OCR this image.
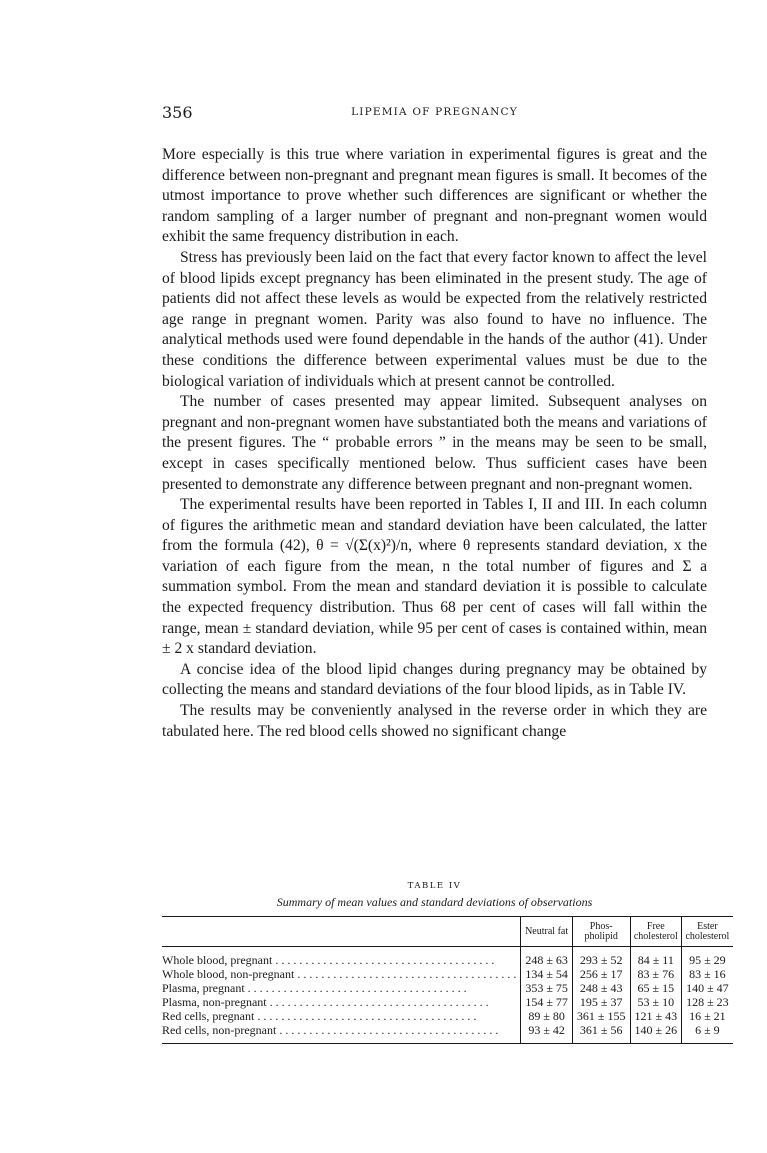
356	LIPEMIA OF PREGNANCY

More especially is this true where variation in experimental figures is great and the difference between non-pregnant and pregnant mean figures is small. It becomes of the utmost importance to prove whether such differences are significant or whether the random sampling of a larger number of pregnant and non-pregnant women would exhibit the same frequency distribution in each.

Stress has previously been laid on the fact that every factor known to affect the level of blood lipids except pregnancy has been eliminated in the present study. The age of patients did not affect these levels as would be expected from the relatively restricted age range in pregnant women. Parity was also found to have no influence. The analytical methods used were found dependable in the hands of the author (41). Under these conditions the difference between experimental values must be due to the biological variation of individuals which at present cannot be controlled.

The number of cases presented may appear limited. Subsequent analyses on pregnant and non-pregnant women have substantiated both the means and variations of the present figures. The “ probable errors ” in the means may be seen to be small, except in cases specifically mentioned below. Thus sufficient cases have been presented to demonstrate any difference between pregnant and non-pregnant women.

The experimental results have been reported in Tables I, II and III. In each column of figures the arithmetic mean and standard deviation have been calculated, the latter from the formula (42), θ = √(Σ(x)²)/n, where θ represents standard deviation, x the variation of each figure from the mean, n the total number of figures and Σ a summation symbol. From the mean and standard deviation it is possible to calculate the expected frequency distribution. Thus 68 per cent of cases will fall within the range, mean ± standard deviation, while 95 per cent of cases is contained within, mean ± 2 x standard deviation.

A concise idea of the blood lipid changes during pregnancy may be obtained by collecting the means and standard deviations of the four blood lipids, as in Table IV.

The results may be conveniently analysed in the reverse order in which they are tabulated here. The red blood cells showed no significant change

TABLE IV
Summary of mean values and standard deviations of observations
	Neutral fat	Phos-pholipid	Free cholesterol	Ester cholesterol
Whole blood, pregnant . . .	248 ± 63	293 ± 52	84 ± 11	95 ± 29
Whole blood, non-pregnant . . .	134 ± 54	256 ± 17	83 ± 76	83 ± 16
Plasma, pregnant . . .	353 ± 75	248 ± 43	65 ± 15	140 ± 47
Plasma, non-pregnant . . .	154 ± 77	195 ± 37	53 ± 10	128 ± 23
Red cells, pregnant . . .	89 ± 80	361 ± 155	121 ± 43	16 ± 21
Red cells, non-pregnant . . .	93 ± 42	361 ± 56	140 ± 26	6 ± 9
